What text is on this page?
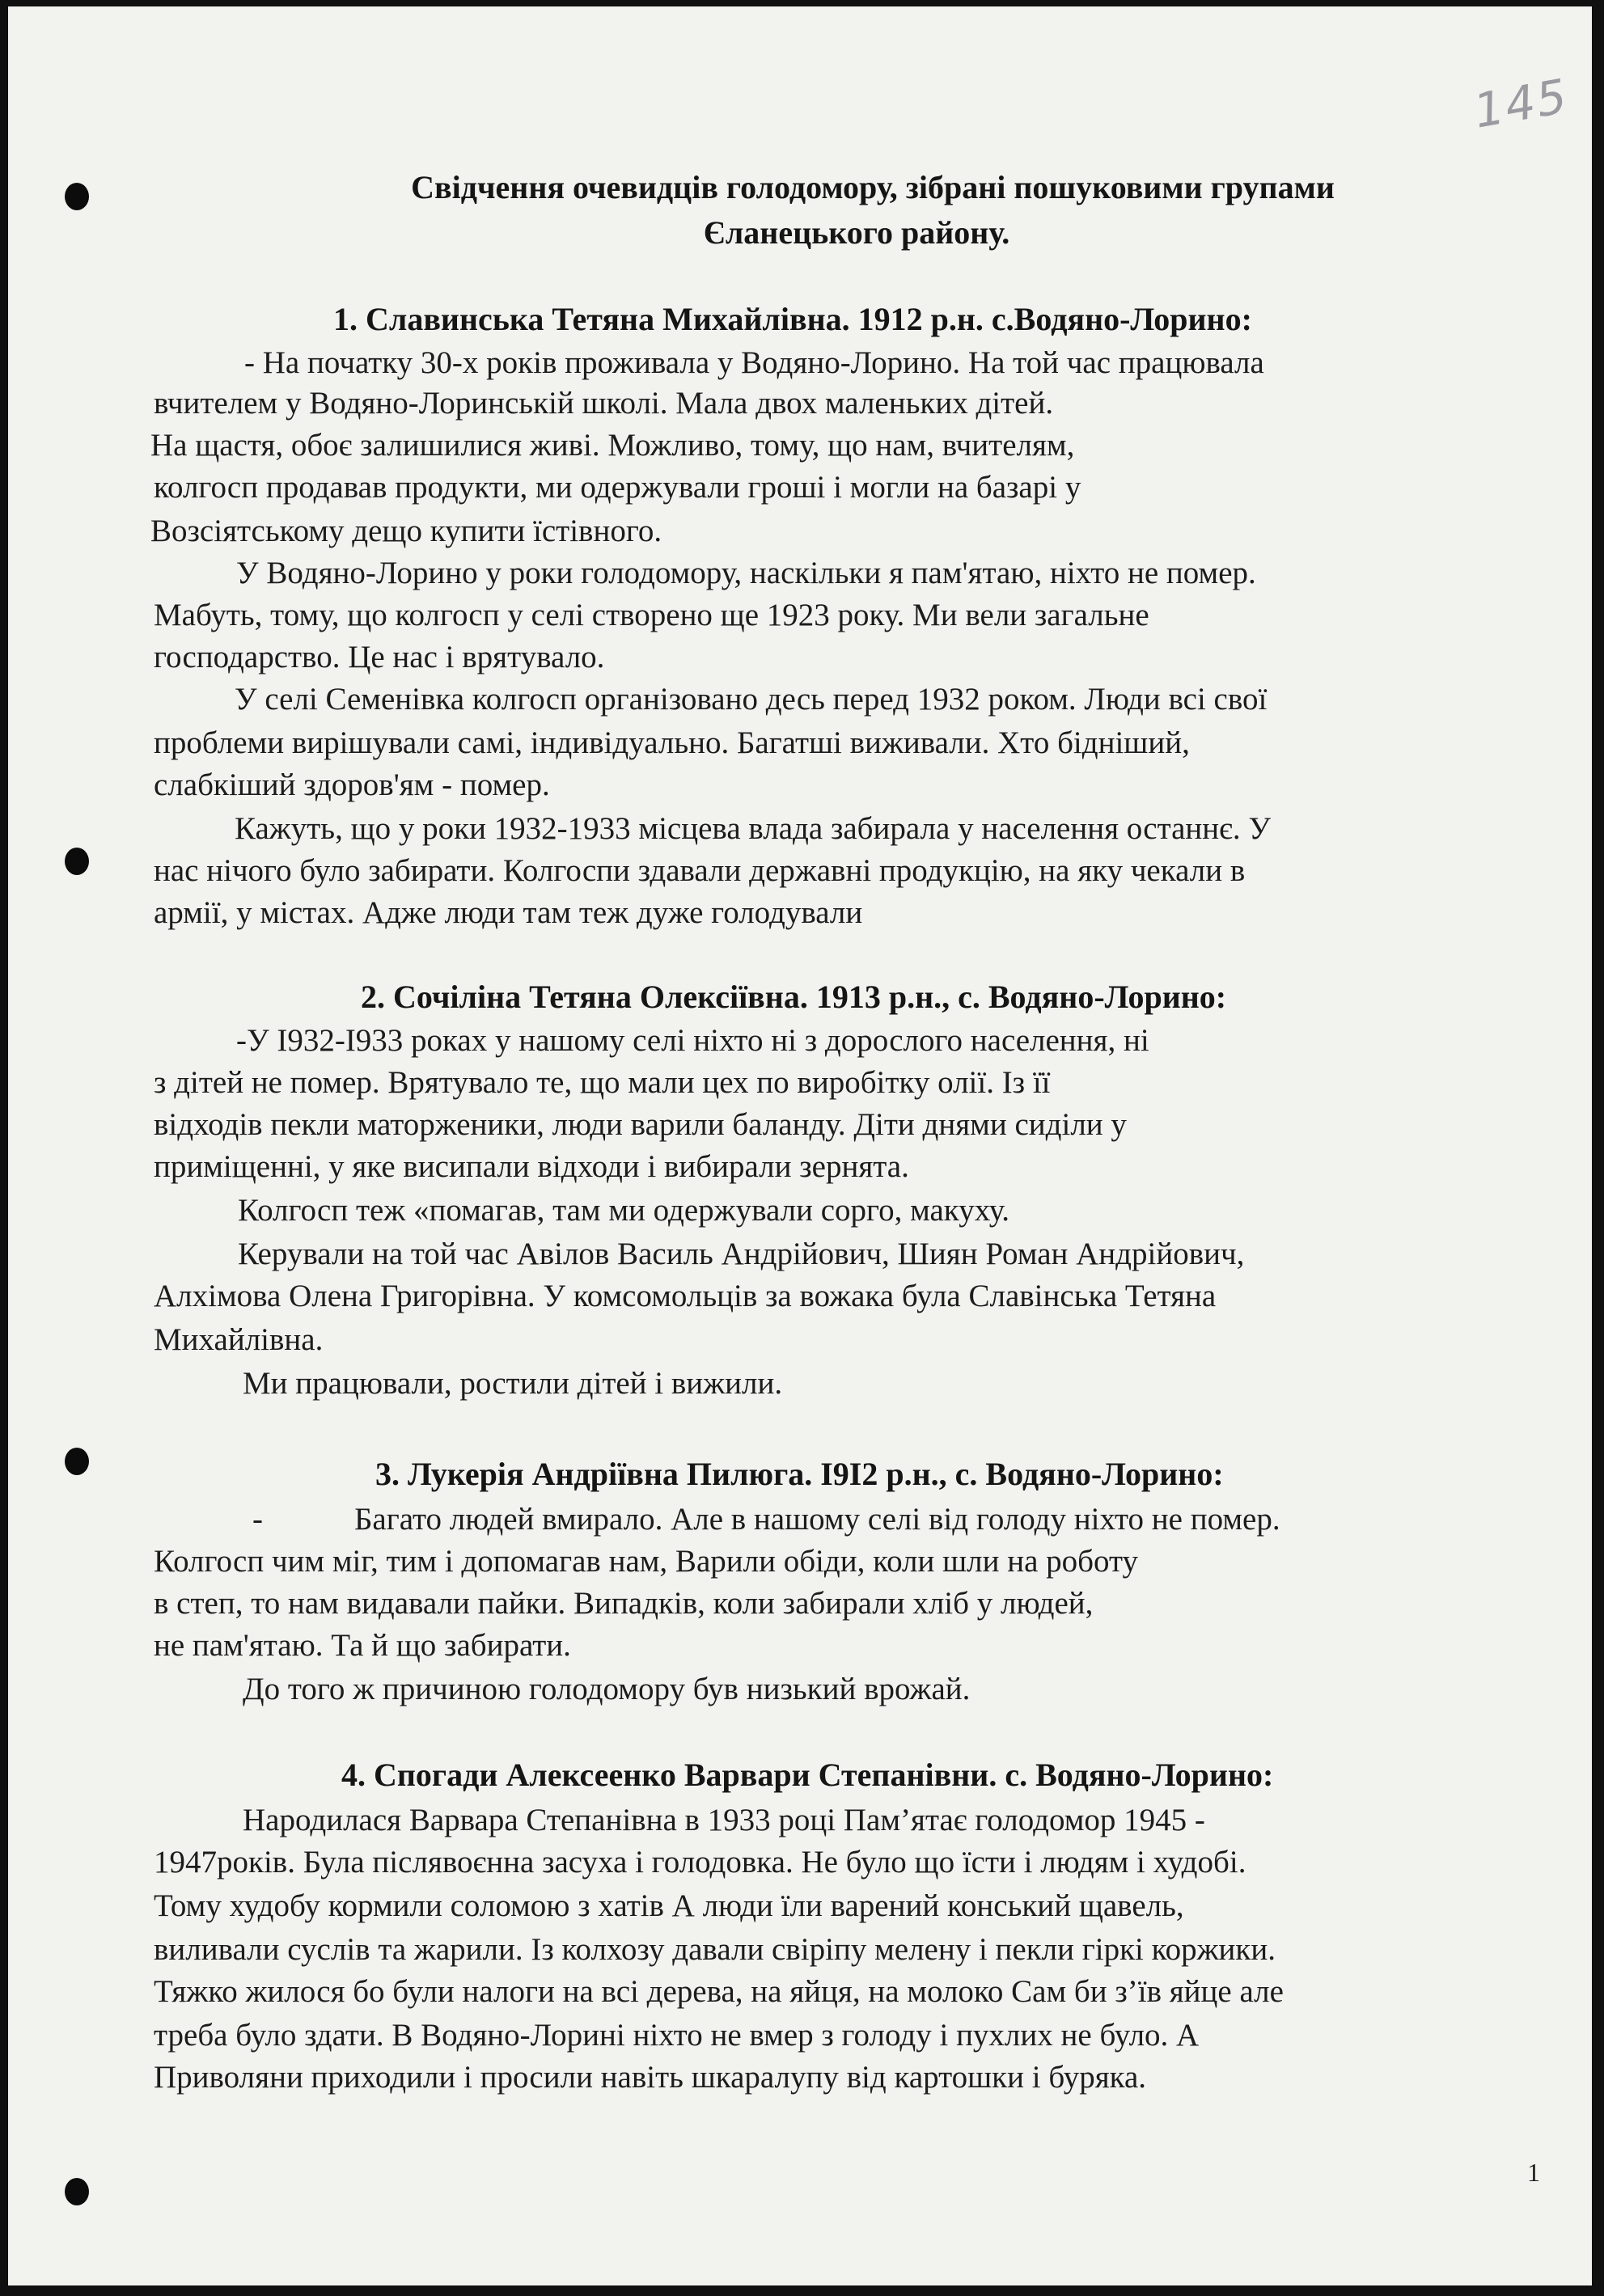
145
Свідчення очевидців голодомору, зібрані пошуковими групами
Єланецького району.
1. Славинська Тетяна Михайлівна. 1912 р.н. с.Водяно-Лорино:
- На початку 30-х років проживала у Водяно-Лорино. На той час працювала
вчителем у Водяно-Лоринській школі. Мала двох маленьких дітей.
На щастя, обоє залишилися живі. Можливо, тому, що нам, вчителям,
колгосп продавав продукти, ми одержували гроші і могли на базарі у
Возсіятському дещо купити їстівного.
У Водяно-Лорино у роки голодомору, наскільки я пам'ятаю, ніхто не помер.
Мабуть, тому, що колгосп у селі створено ще 1923 року. Ми вели загальне
господарство. Це нас і врятувало.
У селі Семенівка колгосп організовано десь перед 1932 роком. Люди всі свої
проблеми вирішували самі, індивідуально. Багатші виживали. Хто бідніший,
слабкіший здоров'ям - помер.
Кажуть, що у роки 1932-1933 місцева влада забирала у населення останнє. У
нас нічого було забирати. Колгоспи здавали державні продукцію, на яку чекали в
армії, у містах. Адже люди там теж дуже голодували
2. Сочіліна Тетяна Олексіївна. 1913 р.н., с. Водяно-Лорино:
-У І932-І933 роках у нашому селі ніхто ні з дорослого населення, ні
з дітей не помер. Врятувало те, що мали цех по виробітку олії. Із її
відходів пекли маторженики, люди варили баланду. Діти днями сиділи у
приміщенні, у яке висипали відходи і вибирали зернята.
Колгосп теж «помагав, там ми одержували сорго, макуху.
Керували на той час Авілов Василь Андрійович, Шиян Роман Андрійович,
Алхімова Олена Григорівна. У комсомольців за вожака була Славінська Тетяна
Михайлівна.
Ми працювали, ростили дітей і вижили.
3. Лукерія Андріївна Пилюга. І9І2 р.н., с. Водяно-Лорино:
-	Багато людей вмирало. Але в нашому селі від голоду ніхто не помер.
Колгосп чим міг, тим і допомагав нам, Варили обіди, коли шли на роботу
в степ, то нам видавали пайки. Випадків, коли забирали хліб у людей,
не пам'ятаю. Та й що забирати.
До того ж причиною голодомору був низький врожай.
4. Спогади Алексеенко Варвари Степанівни. с. Водяно-Лорино:
Народилася Варвара Степанівна в 1933 році Пам’ятає голодомор 1945 -
1947років. Була післявоєнна засуха і голодовка. Не було що їсти і людям і худобі.
Тому худобу кормили соломою з хатів А люди їли варений конський щавель,
виливали суслів та жарили. Із колхозу давали свіріпу мелену і пекли гіркі коржики.
Тяжко жилося бо були налоги на всі дерева, на яйця, на молоко Сам би з’їв яйце але
треба було здати. В Водяно-Лорині ніхто не вмер з голоду і пухлих не було. А
Приволяни приходили і просили навіть шкаралупу від картошки і буряка.
1
